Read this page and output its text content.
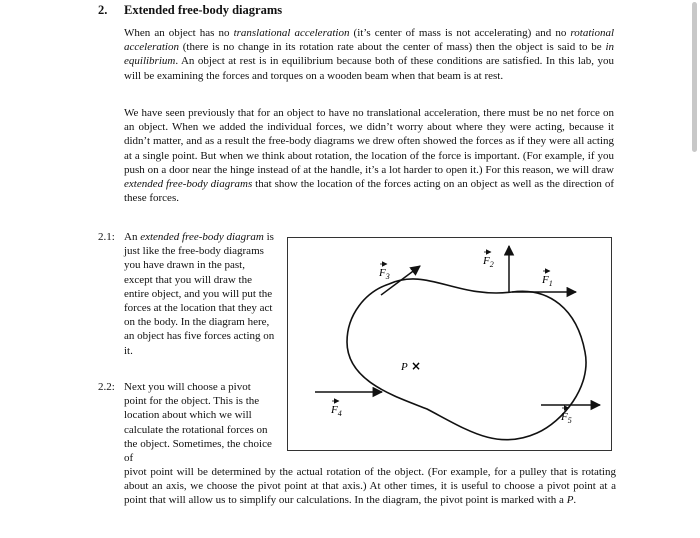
2. Extended free-body diagrams
When an object has no translational acceleration (it’s center of mass is not accelerating) and no rotational acceleration (there is no change in its rotation rate about the center of mass) then the object is said to be in equilibrium. An object at rest is in equilibrium because both of these conditions are satisfied. In this lab, you will be examining the forces and torques on a wooden beam when that beam is at rest.
We have seen previously that for an object to have no translational acceleration, there must be no net force on an object. When we added the individual forces, we didn’t worry about where they were acting, because it didn’t matter, and as a result the free-body diagrams we drew often showed the forces as if they were all acting at a single point. But when we think about rotation, the location of the force is important. (For example, if you push on a door near the hinge instead of at the handle, it’s a lot harder to open it.) For this reason, we will draw extended free-body diagrams that show the location of the forces acting on an object as well as the direction of these forces.
2.1: An extended free-body diagram is just like the free-body diagrams you have drawn in the past, except that you will draw the entire object, and you will put the forces at the location that they act on the body. In the diagram here, an object has five forces acting on it.
2.2: Next you will choose a pivot point for the object. This is the location about which we will calculate the rotational forces on the object. Sometimes, the choice of
pivot point will be determined by the actual rotation of the object. (For example, for a pulley that is rotating about an axis, we choose the pivot point at that axis.) At other times, it is useful to choose a pivot point at a point that will allow us to simplify our calculations. In the diagram, the pivot point is marked with a P.
$F_3$
$F_2$
$F_1$
$F_4$	$F_5$
P ×
